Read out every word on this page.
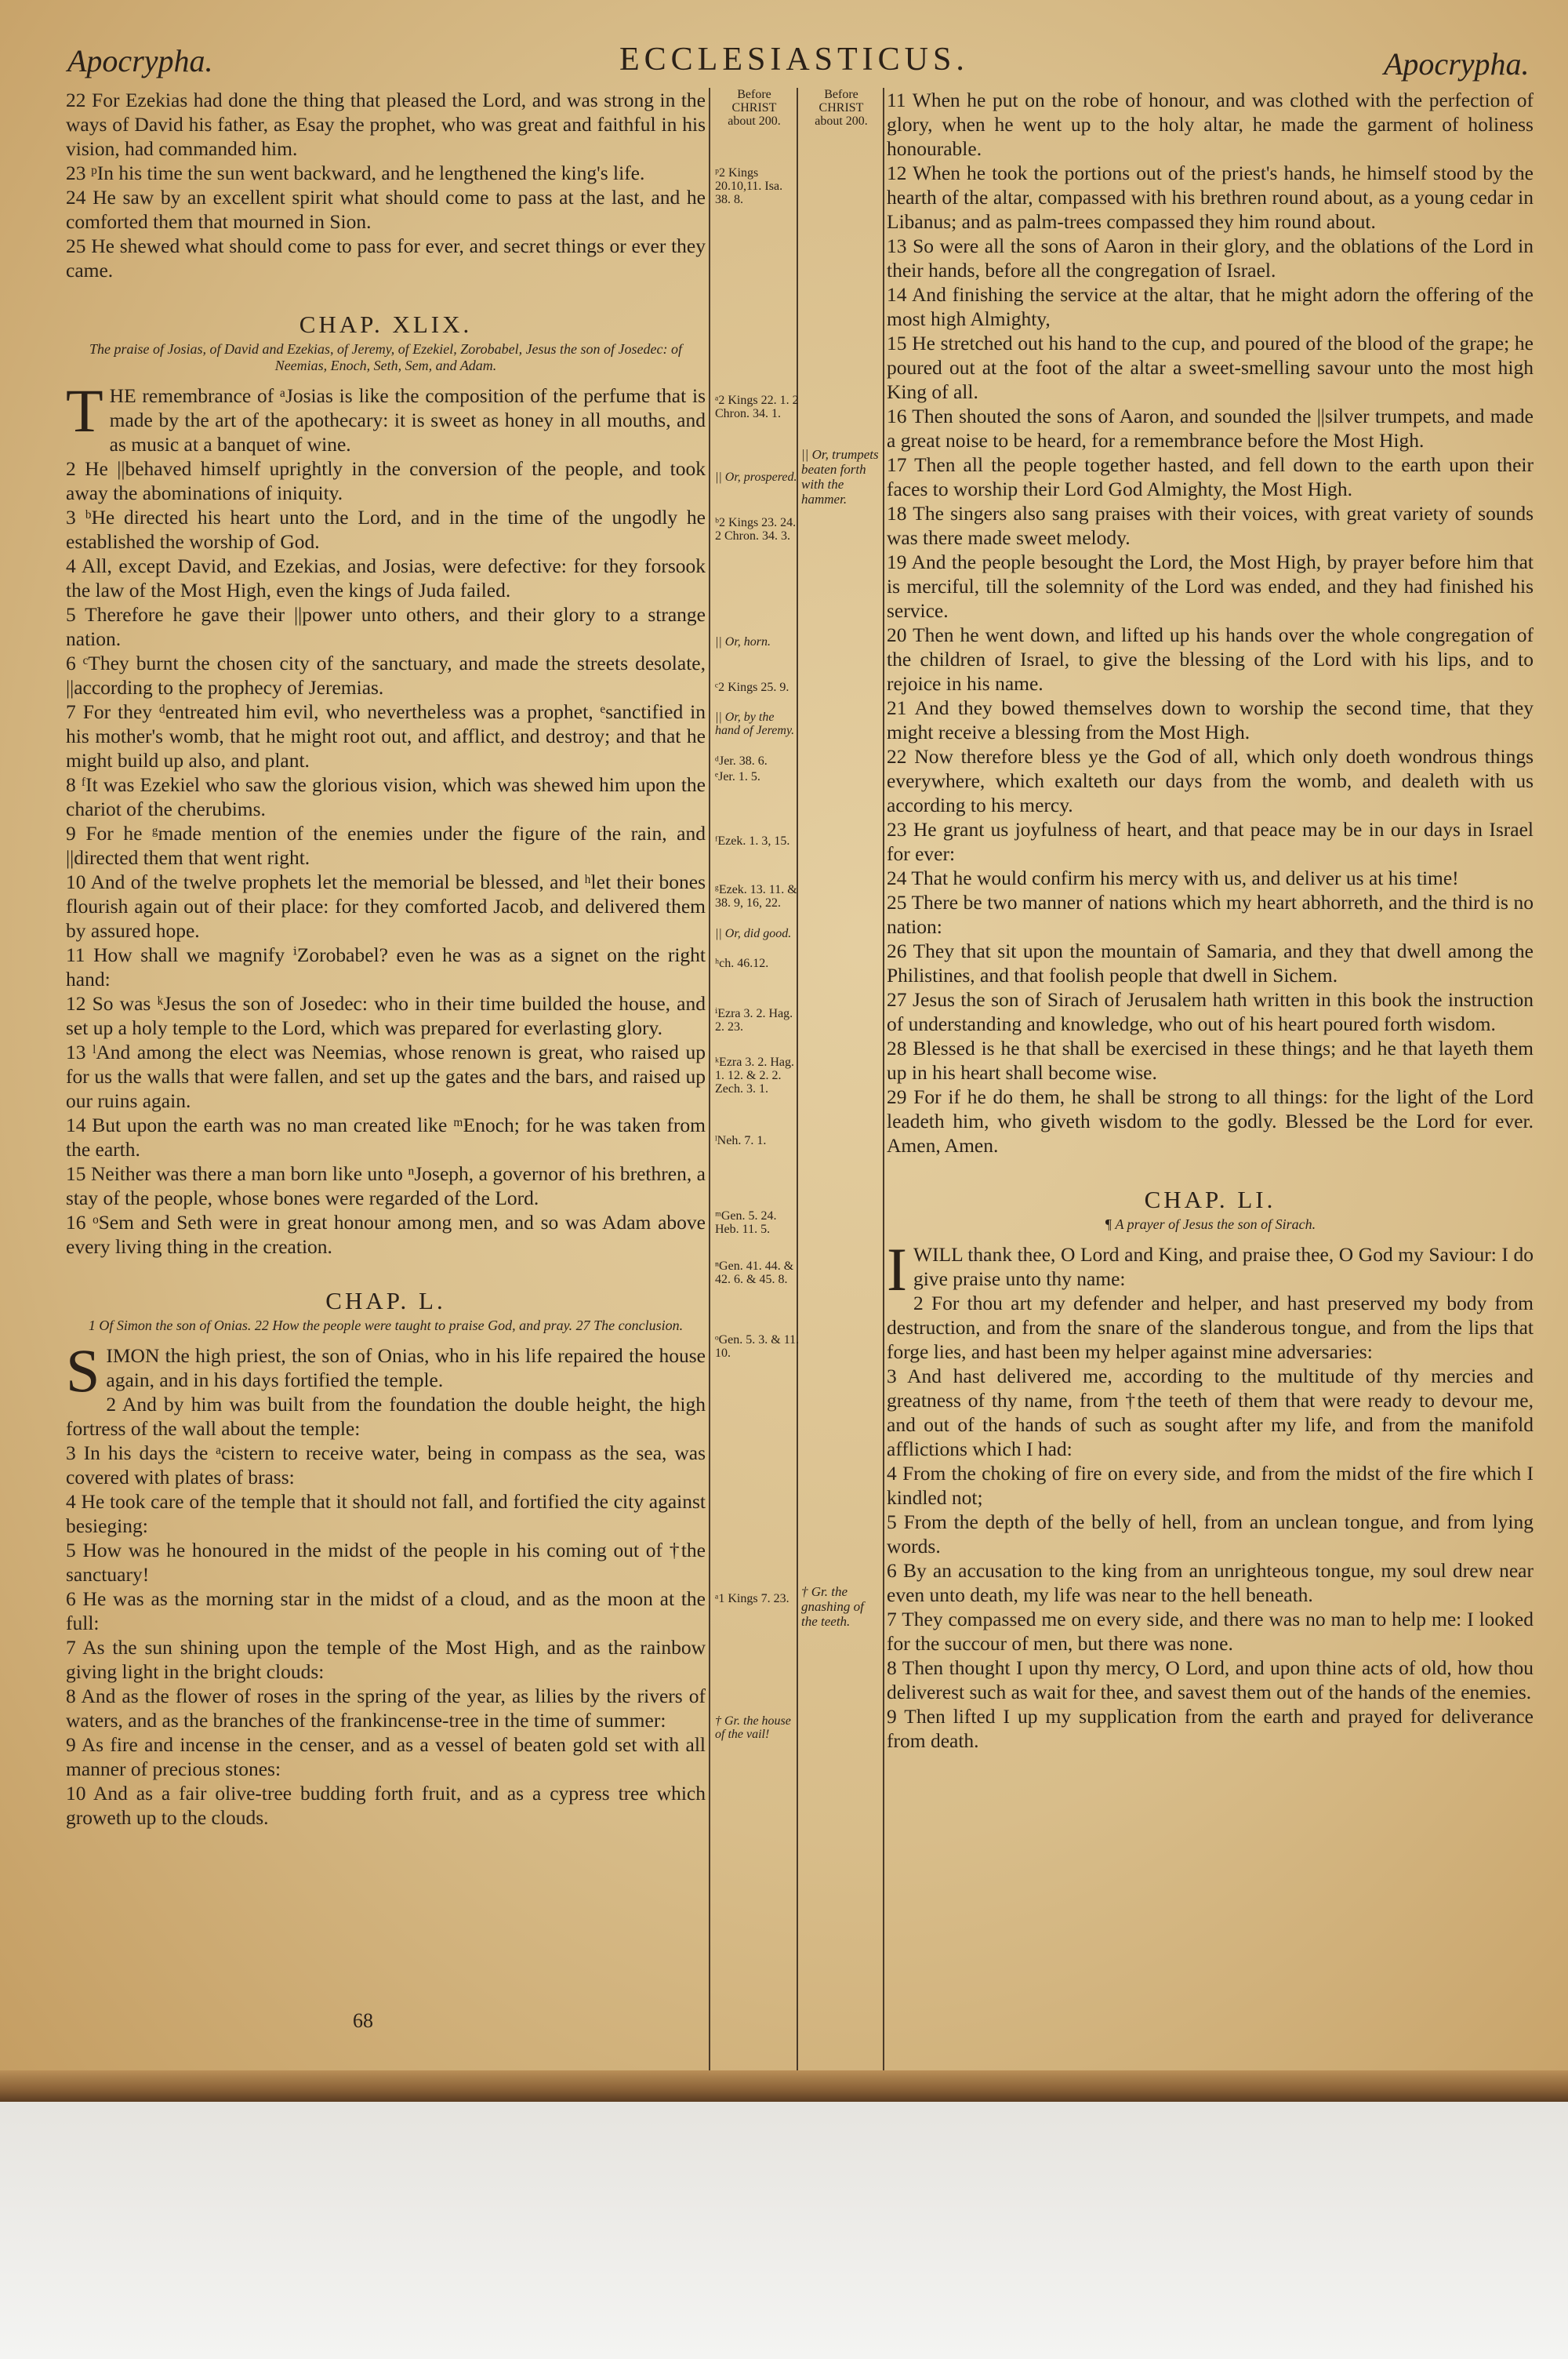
Apocrypha.	ECCLESIASTICUS.	Apocrypha.

22 For Ezekias had done the thing that pleased the Lord, and was strong in the ways of David his father, as Esay the prophet, who was great and faithful in his vision, had commanded him.

23 ᵖIn his time the sun went backward, and he lengthened the king's life.

24 He saw by an excellent spirit what should come to pass at the last, and he comforted them that mourned in Sion.

25 He shewed what should come to pass for ever, and secret things or ever they came.

CHAP. XLIX.
The praise of Josias, of David and Ezekias, of Jeremy, of Ezekiel, Zorobabel, Jesus the son of Josedec: of Neemias, Enoch, Seth, Sem, and Adam.

THE remembrance of ᵃJosias is like the composition of the perfume that is made by the art of the apothecary: it is sweet as honey in all mouths, and as music at a banquet of wine.

2 He ||behaved himself uprightly in the conversion of the people, and took away the abominations of iniquity.

3 ᵇHe directed his heart unto the Lord, and in the time of the ungodly he established the worship of God.

4 All, except David, and Ezekias, and Josias, were defective: for they forsook the law of the Most High, even the kings of Juda failed.

5 Therefore he gave their ||power unto others, and their glory to a strange nation.

6 ᶜThey burnt the chosen city of the sanctuary, and made the streets desolate, ||according to the prophecy of Jeremias.

7 For they ᵈentreated him evil, who nevertheless was a prophet, ᵉsanctified in his mother's womb, that he might root out, and afflict, and destroy; and that he might build up also, and plant.

8 ᶠIt was Ezekiel who saw the glorious vision, which was shewed him upon the chariot of the cherubims.

9 For he ᵍmade mention of the enemies under the figure of the rain, and ||directed them that went right.

10 And of the twelve prophets let the memorial be blessed, and ʰlet their bones flourish again out of their place: for they comforted Jacob, and delivered them by assured hope.

11 How shall we magnify ⁱZorobabel? even he was as a signet on the right hand:

12 So was ᵏJesus the son of Josedec: who in their time builded the house, and set up a holy temple to the Lord, which was prepared for everlasting glory.

13 ˡAnd among the elect was Neemias, whose renown is great, who raised up for us the walls that were fallen, and set up the gates and the bars, and raised up our ruins again.

14 But upon the earth was no man created like ᵐEnoch; for he was taken from the earth.

15 Neither was there a man born like unto ⁿJoseph, a governor of his brethren, a stay of the people, whose bones were regarded of the Lord.

16 ᵒSem and Seth were in great honour among men, and so was Adam above every living thing in the creation.

CHAP. L.
1 Of Simon the son of Onias. 22 How the people were taught to praise God, and pray. 27 The conclusion.

SIMON the high priest, the son of Onias, who in his life repaired the house again, and in his days fortified the temple.

2 And by him was built from the foundation the double height, the high fortress of the wall about the temple:

3 In his days the ᵃcistern to receive water, being in compass as the sea, was covered with plates of brass:

4 He took care of the temple that it should not fall, and fortified the city against besieging:

5 How was he honoured in the midst of the people in his coming out of †the sanctuary!

6 He was as the morning star in the midst of a cloud, and as the moon at the full:

7 As the sun shining upon the temple of the Most High, and as the rainbow giving light in the bright clouds:

8 And as the flower of roses in the spring of the year, as lilies by the rivers of waters, and as the branches of the frankincense-tree in the time of summer:

9 As fire and incense in the censer, and as a vessel of beaten gold set with all manner of precious stones:

10 And as a fair olive-tree budding forth fruit, and as a cypress tree which groweth up to the clouds.

Before
CHRIST
about 200.
Before
CHRIST
about 200.
ᵖ2 Kings 20.10,11. Isa. 38. 8.
ᵃ2 Kings 22. 1. 2 Chron. 34. 1.
|| Or, prospered.
ᵇ2 Kings 23. 24. 2 Chron. 34. 3.
|| Or, horn.
ᶜ2 Kings 25. 9.
|| Or, by the hand of Jeremy.
ᵈJer. 38. 6.
ᵉJer. 1. 5.
ᶠEzek. 1. 3, 15.
ᵍEzek. 13. 11. & 38. 9, 16, 22.
|| Or, did good.
ʰch. 46.12.
ⁱEzra 3. 2. Hag. 2. 23.
ᵏEzra 3. 2. Hag. 1. 12. & 2. 2. Zech. 3. 1.
ˡNeh. 7. 1.
ᵐGen. 5. 24. Heb. 11. 5.
ⁿGen. 41. 44. & 42. 6. & 45. 8.
ᵒGen. 5. 3. & 11. 10.
ᵃ1 Kings 7. 23.
† Gr. the house of the vail!
|| Or, trumpets beaten forth with the hammer.
† Gr. the gnashing of the teeth.

11 When he put on the robe of honour, and was clothed with the perfection of glory, when he went up to the holy altar, he made the garment of holiness honourable.

12 When he took the portions out of the priest's hands, he himself stood by the hearth of the altar, compassed with his brethren round about, as a young cedar in Libanus; and as palm-trees compassed they him round about.

13 So were all the sons of Aaron in their glory, and the oblations of the Lord in their hands, before all the congregation of Israel.

14 And finishing the service at the altar, that he might adorn the offering of the most high Almighty,

15 He stretched out his hand to the cup, and poured of the blood of the grape; he poured out at the foot of the altar a sweet-smelling savour unto the most high King of all.

16 Then shouted the sons of Aaron, and sounded the ||silver trumpets, and made a great noise to be heard, for a remembrance before the Most High.

17 Then all the people together hasted, and fell down to the earth upon their faces to worship their Lord God Almighty, the Most High.

18 The singers also sang praises with their voices, with great variety of sounds was there made sweet melody.

19 And the people besought the Lord, the Most High, by prayer before him that is merciful, till the solemnity of the Lord was ended, and they had finished his service.

20 Then he went down, and lifted up his hands over the whole congregation of the children of Israel, to give the blessing of the Lord with his lips, and to rejoice in his name.

21 And they bowed themselves down to worship the second time, that they might receive a blessing from the Most High.

22 Now therefore bless ye the God of all, which only doeth wondrous things everywhere, which exalteth our days from the womb, and dealeth with us according to his mercy.

23 He grant us joyfulness of heart, and that peace may be in our days in Israel for ever:

24 That he would confirm his mercy with us, and deliver us at his time!

25 There be two manner of nations which my heart abhorreth, and the third is no nation:

26 They that sit upon the mountain of Samaria, and they that dwell among the Philistines, and that foolish people that dwell in Sichem.

27 Jesus the son of Sirach of Jerusalem hath written in this book the instruction of understanding and knowledge, who out of his heart poured forth wisdom.

28 Blessed is he that shall be exercised in these things; and he that layeth them up in his heart shall become wise.

29 For if he do them, he shall be strong to all things: for the light of the Lord leadeth him, who giveth wisdom to the godly. Blessed be the Lord for ever. Amen, Amen.

CHAP. LI.
¶ A prayer of Jesus the son of Sirach.

IWILL thank thee, O Lord and King, and praise thee, O God my Saviour: I do give praise unto thy name:

2 For thou art my defender and helper, and hast preserved my body from destruction, and from the snare of the slanderous tongue, and from the lips that forge lies, and hast been my helper against mine adversaries:

3 And hast delivered me, according to the multitude of thy mercies and greatness of thy name, from †the teeth of them that were ready to devour me, and out of the hands of such as sought after my life, and from the manifold afflictions which I had:

4 From the choking of fire on every side, and from the midst of the fire which I kindled not;

5 From the depth of the belly of hell, from an unclean tongue, and from lying words.

6 By an accusation to the king from an unrighteous tongue, my soul drew near even unto death, my life was near to the hell beneath.

7 They compassed me on every side, and there was no man to help me: I looked for the succour of men, but there was none.

8 Then thought I upon thy mercy, O Lord, and upon thine acts of old, how thou deliverest such as wait for thee, and savest them out of the hands of the enemies.

9 Then lifted I up my supplication from the earth and prayed for deliverance from death.

68
